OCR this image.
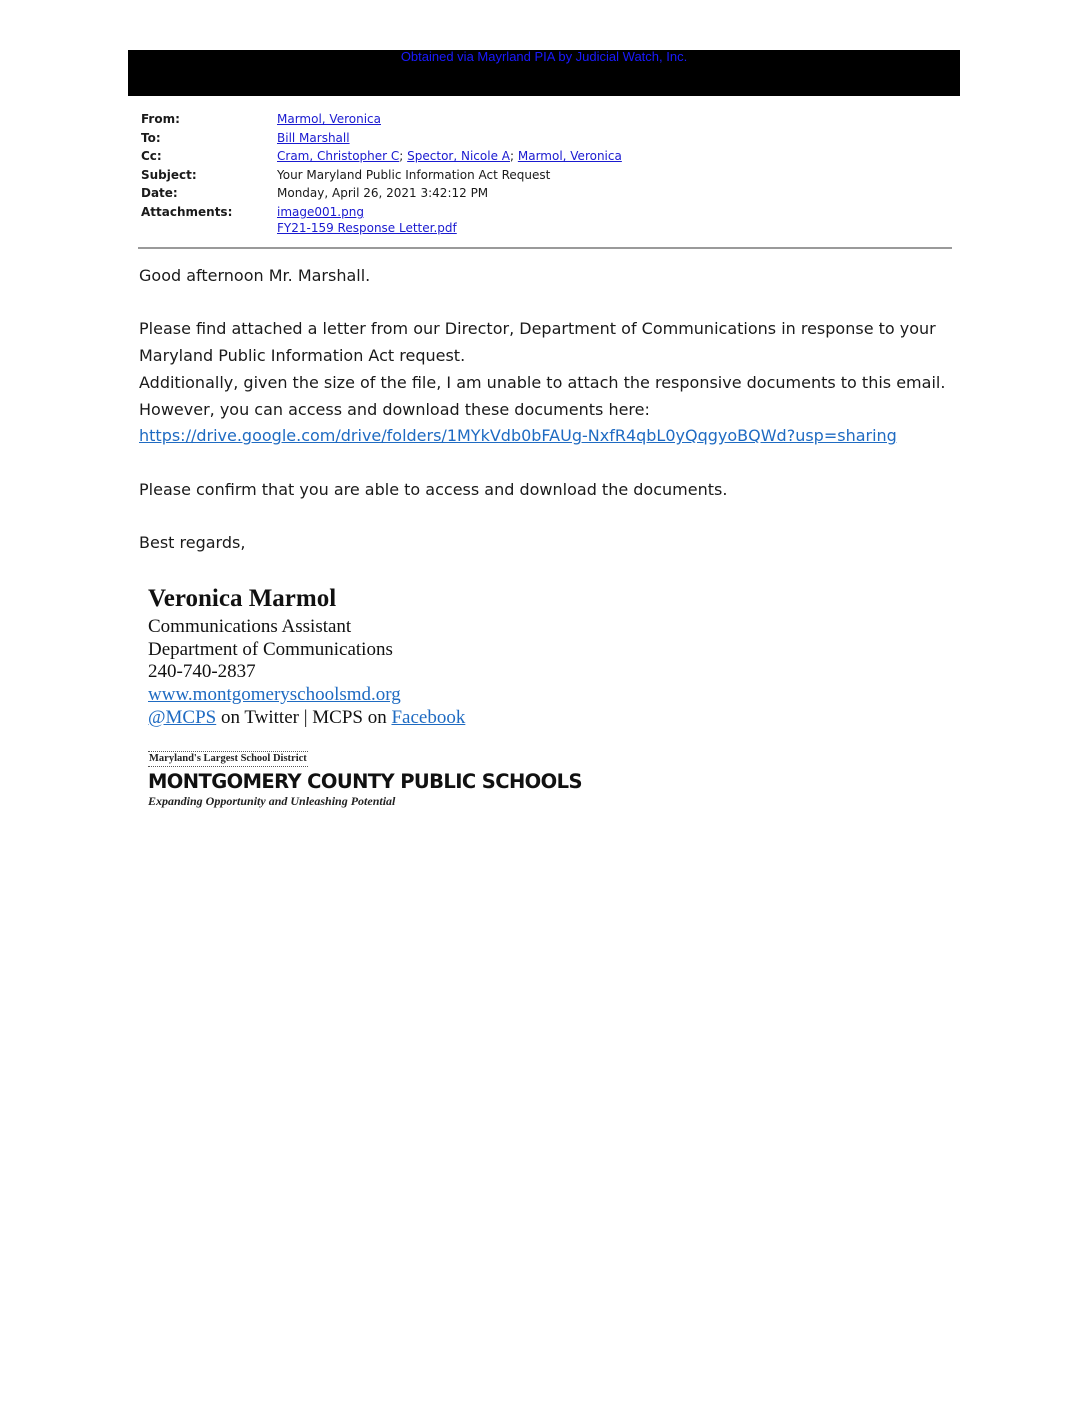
Obtained via Mayrland PIA by Judicial Watch, Inc.
From:	Marmol, Veronica
To:	Bill Marshall
Cc:	Cram, Christopher C; Spector, Nicole A; Marmol, Veronica
Subject:	Your Maryland Public Information Act Request
Date:	Monday, April 26, 2021 3:42:12 PM
Attachments:	image001.png
FY21-159 Response Letter.pdf

Good afternoon Mr. Marshall.

Please find attached a letter from our Director, Department of Communications in response to your

Maryland Public Information Act request.

Additionally, given the size of the file, I am unable to attach the responsive documents to this email.

However, you can access and download these documents here:

https://drive.google.com/drive/folders/1MYkVdb0bFAUg-NxfR4qbL0yQqgyoBQWd?usp=sharing

Please confirm that you are able to access and download the documents.

Best regards,

Veronica Marmol
Communications Assistant
Department of Communications
240-740-2837
www.montgomeryschoolsmd.org
@MCPS on Twitter | MCPS on Facebook
Maryland's Largest School District
MONTGOMERY COUNTY PUBLIC SCHOOLS
Expanding Opportunity and Unleashing Potential
